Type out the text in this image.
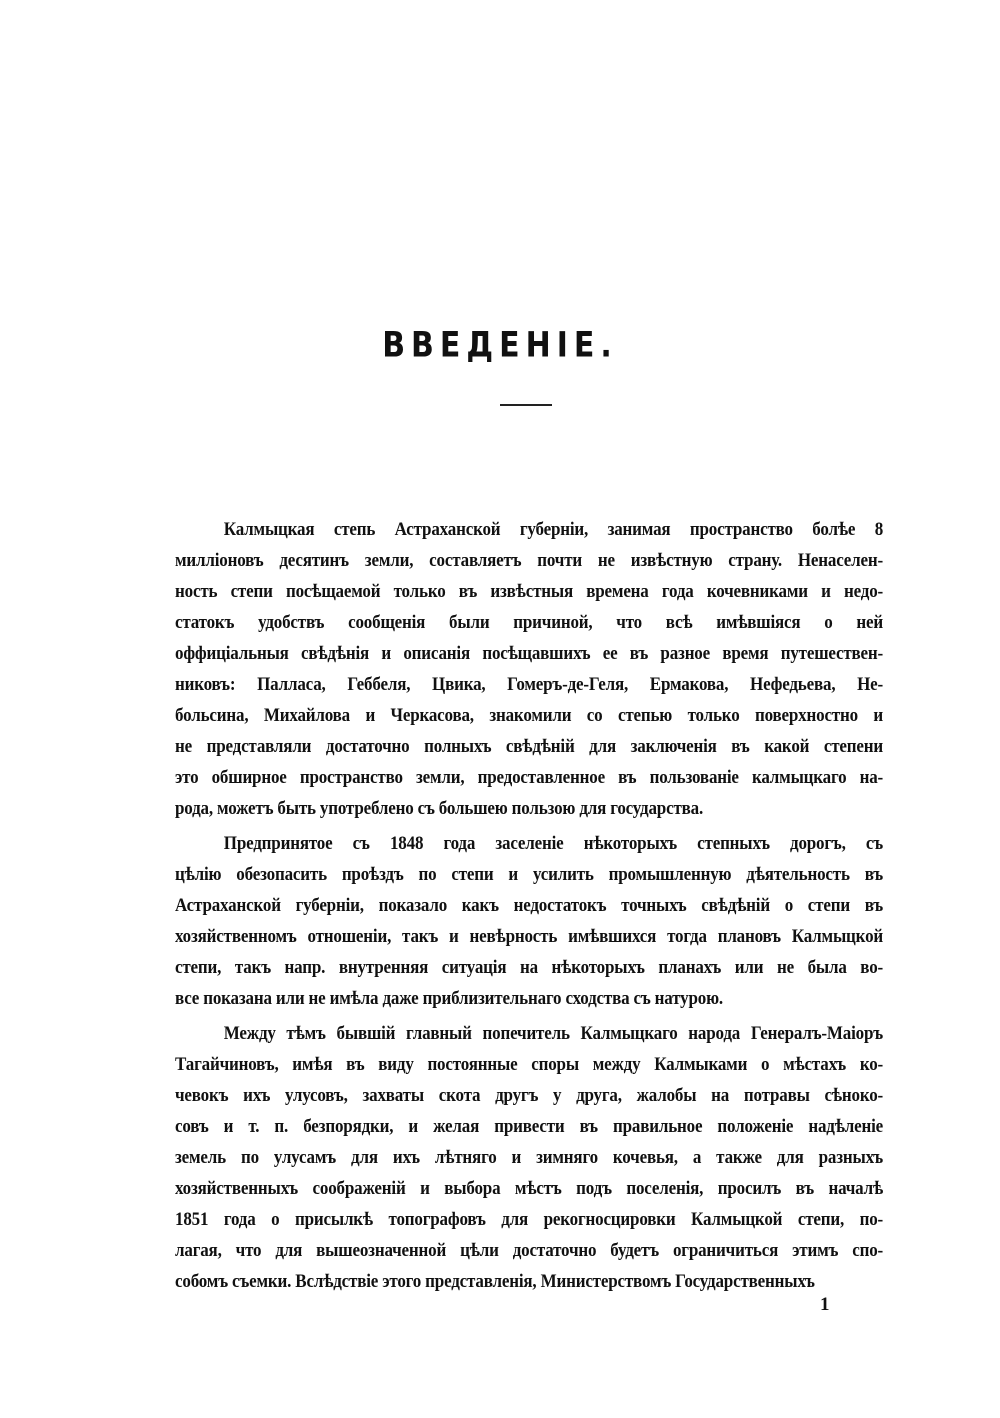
ВВЕДЕНІЕ.
Калмыцкая степь Астраханской губерніи, занимая пространство болѣе 8
милліоновъ десятинъ земли, составляетъ почти не извѣстную страну. Ненаселен-
ность степи посѣщаемой только въ извѣстныя времена года кочевниками и недо-
статокъ удобствъ сообщенія были причиной, что всѣ имѣвшіяся о ней
оффиціальныя свѣдѣнія и описанія посѣщавшихъ ее въ разное время путешествен-
никовъ: Палласа, Геббеля, Цвика, Гомеръ-де-Геля, Ермакова, Нефедьева, Не-
больсина, Михайлова и Черкасова, знакомили со степью только поверхностно и
не представляли достаточно полныхъ свѣдѣній для заключенія въ какой степени
это обширное пространство земли, предоставленное въ пользованіе калмыцкаго на-
рода, можетъ быть употреблено съ большею пользою для государства.
Предпринятое съ 1848 года заселеніе нѣкоторыхъ степныхъ дорогъ, съ
цѣлію обезопасить проѣздъ по степи и усилить промышленную дѣятельность въ
Астраханской губерніи, показало какъ недостатокъ точныхъ свѣдѣній о степи въ
хозяйственномъ отношеніи, такъ и невѣрность имѣвшихся тогда плановъ Калмыцкой
степи, такъ напр. внутренняя ситуація на нѣкоторыхъ планахъ или не была во-
все показана или не имѣла даже приблизительнаго сходства съ натурою.
Между тѣмъ бывшій главный попечитель Калмыцкаго народа Генералъ-Маіоръ
Тагайчиновъ, имѣя въ виду постоянные споры между Калмыками о мѣстахъ ко-
чевокъ ихъ улусовъ, захваты скота другъ у друга, жалобы на потравы сѣноко-
совъ и т. п. безпорядки, и желая привести въ правильное положеніе надѣленіе
земель по улусамъ для ихъ лѣтняго и зимняго кочевья, а также для разныхъ
хозяйственныхъ соображеній и выбора мѣстъ подъ поселенія, просилъ въ началѣ
1851 года о присылкѣ топографовъ для рекогносцировки Калмыцкой степи, по-
лагая, что для вышеозначенной цѣли достаточно будетъ ограничиться этимъ спо-
собомъ съемки. Вслѣдствіе этого представленія, Министерствомъ Государственныхъ
1
